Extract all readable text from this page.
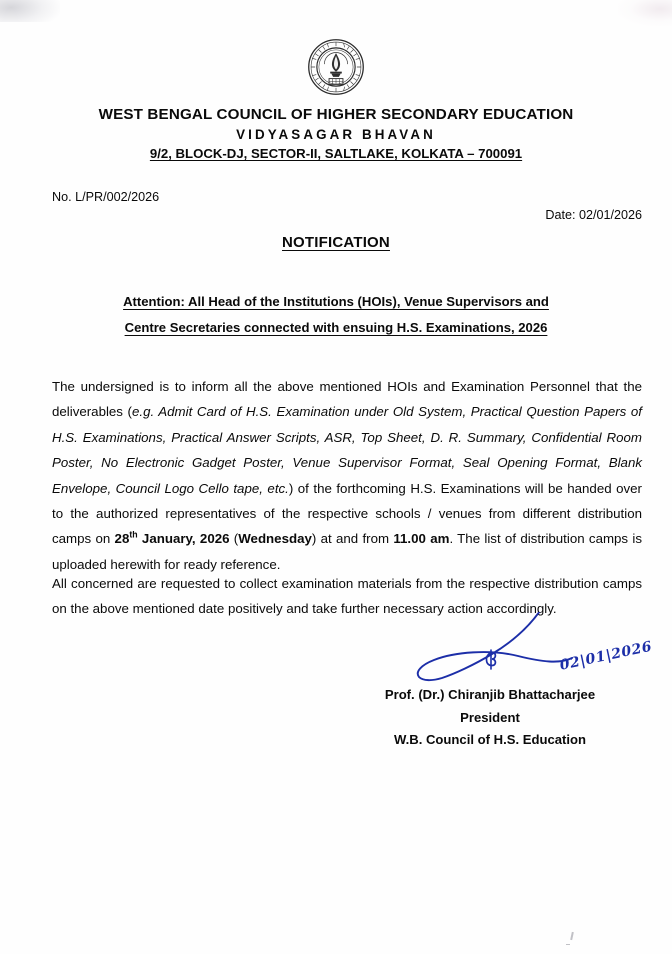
WEST BENGAL COUNCIL OF HIGHER SECONDARY EDUCATION
VIDYASAGAR BHAVAN
9/2, BLOCK-DJ, SECTOR-II, SALTLAKE, KOLKATA – 700091
No. L/PR/002/2026
Date: 02/01/2026
NOTIFICATION
Attention: All Head of the Institutions (HOIs), Venue Supervisors and
Centre Secretaries connected with ensuing H.S. Examinations, 2026
The undersigned is to inform all the above mentioned HOIs and Examination Personnel that the deliverables (e.g. Admit Card of H.S. Examination under Old System, Practical Question Papers of H.S. Examinations, Practical Answer Scripts, ASR, Top Sheet, D. R. Summary, Confidential Room Poster, No Electronic Gadget Poster, Venue Supervisor Format, Seal Opening Format, Blank Envelope, Council Logo Cello tape, etc.) of the forthcoming H.S. Examinations will be handed over to the authorized representatives of the respective schools / venues from different distribution camps on 28th January, 2026 (Wednesday) at and from 11.00 am. The list of distribution camps is uploaded herewith for ready reference.
All concerned are requested to collect examination materials from the respective distribution camps on the above mentioned date positively and take further necessary action accordingly.
02|01|2026
Prof. (Dr.) Chiranjib Bhattacharjee
President
W.B. Council of H.S. Education
